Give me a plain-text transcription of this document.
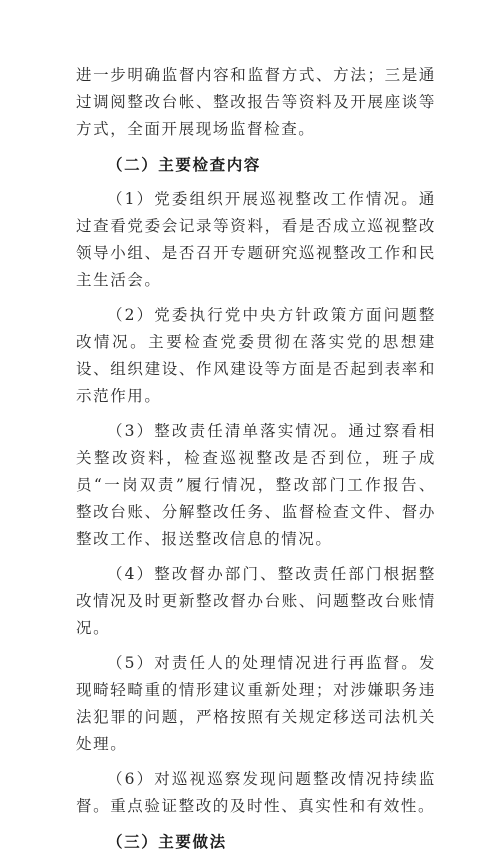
进一步明确监督内容和监督方式、方法；三是通过调阅整改台帐、整改报告等资料及开展座谈等方式，全面开展现场监督检查。

（二）主要检查内容

（1）党委组织开展巡视整改工作情况。通过查看党委会记录等资料，看是否成立巡视整改领导小组、是否召开专题研究巡视整改工作和民主生活会。

（2）党委执行党中央方针政策方面问题整改情况。主要检查党委贯彻在落实党的思想建设、组织建设、作风建设等方面是否起到表率和示范作用。

（3）整改责任清单落实情况。通过察看相关整改资料，检查巡视整改是否到位，班子成员“一岗双责”履行情况，整改部门工作报告、整改台账、分解整改任务、监督检查文件、督办整改工作、报送整改信息的情况。

（4）整改督办部门、整改责任部门根据整改情况及时更新整改督办台账、问题整改台账情况。

（5）对责任人的处理情况进行再监督。发现畸轻畸重的情形建议重新处理；对涉嫌职务违法犯罪的问题，严格按照有关规定移送司法机关处理。

（6）对巡视巡察发现问题整改情况持续监督。重点验证整改的及时性、真实性和有效性。

（三）主要做法
